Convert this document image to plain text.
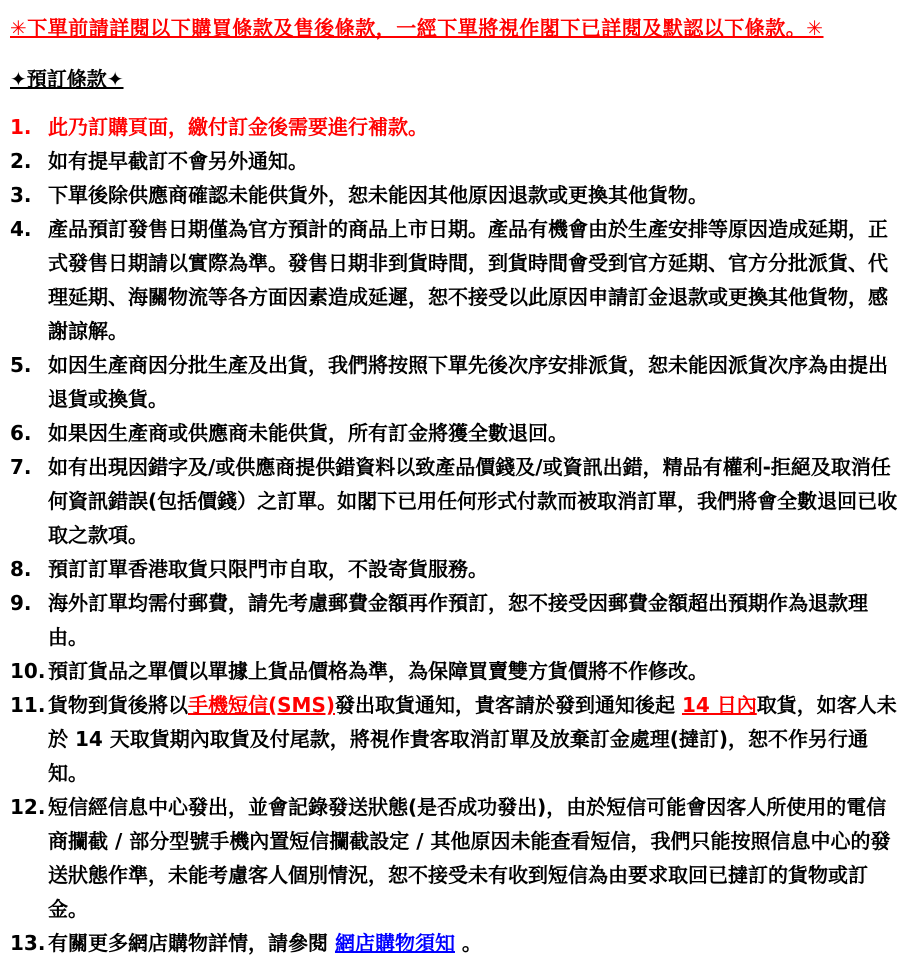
✳下單前請詳閱以下購買條款及售後條款，一經下單將視作閣下已詳閱及默認以下條款。✳
✦預訂條款✦
1. 此乃訂購頁面，繳付訂金後需要進行補款。
2. 如有提早截訂不會另外通知。
3. 下單後除供應商確認未能供貨外，恕未能因其他原因退款或更換其他貨物。
4. 產品預訂發售日期僅為官方預計的商品上市日期。產品有機會由於生產安排等原因造成延期，正式發售日期請以實際為準。發售日期非到貨時間，到貨時間會受到官方延期、官方分批派貨、代理延期、海關物流等各方面因素造成延遲，恕不接受以此原因申請訂金退款或更換其他貨物，感謝諒解。
5. 如因生產商因分批生產及出貨，我們將按照下單先後次序安排派貨，恕未能因派貨次序為由提出退貨或換貨。
6. 如果因生產商或供應商未能供貨，所有訂金將獲全數退回。
7. 如有出現因錯字及/或供應商提供錯資料以致產品價錢及/或資訊出錯，精品有權利-拒絕及取消任何資訊錯誤(包括價錢）之訂單。如閣下已用任何形式付款而被取消訂單，我們將會全數退回已收取之款項。
8. 預訂訂單香港取貨只限門市自取，不設寄貨服務。
9. 海外訂單均需付郵費，請先考慮郵費金額再作預訂，恕不接受因郵費金額超出預期作為退款理由。
10. 預訂貨品之單價以單據上貨品價格為準，為保障買賣雙方貨價將不作修改。
11. 貨物到貨後將以手機短信(SMS)發出取貨通知，貴客請於發到通知後起 14 日內取貨，如客人未於 14 天取貨期內取貨及付尾款，將視作貴客取消訂單及放棄訂金處理(撻訂)，恕不作另行通知。
12. 短信經信息中心發出，並會記錄發送狀態(是否成功發出)，由於短信可能會因客人所使用的電信商攔截 / 部分型號手機內置短信攔截設定 / 其他原因未能查看短信，我們只能按照信息中心的發送狀態作準，未能考慮客人個別情況，恕不接受未有收到短信為由要求取回已撻訂的貨物或訂金。
13. 有關更多網店購物詳情，請參閱 網店購物須知 。
